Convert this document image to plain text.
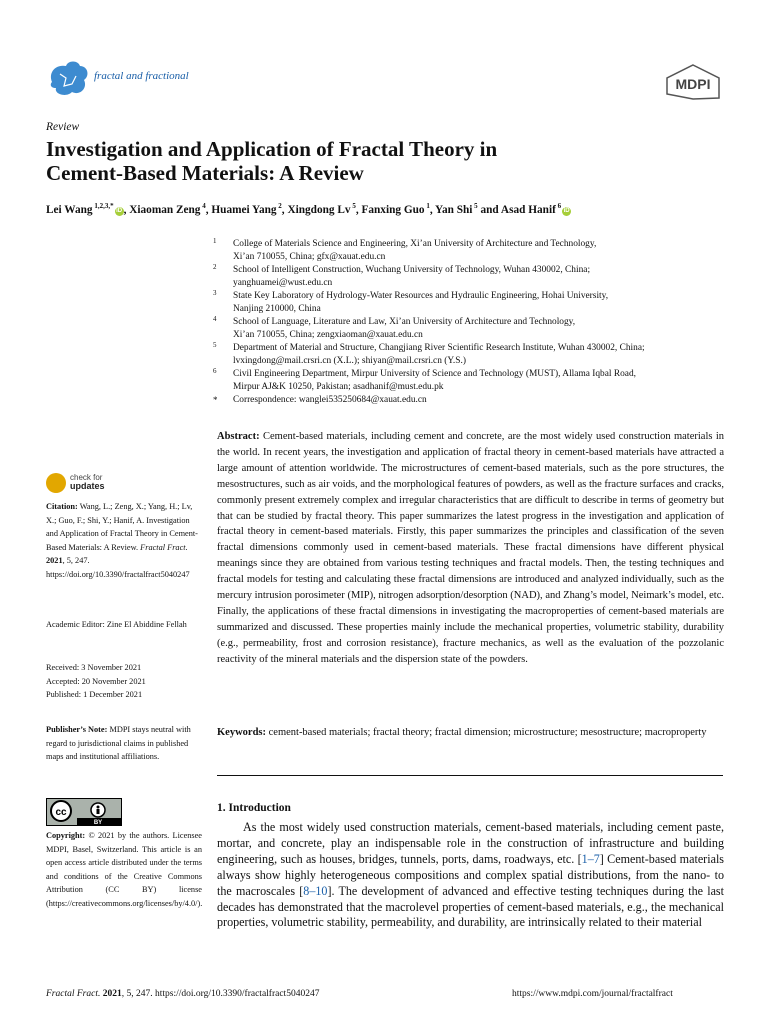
fractal and fractional	MDPI
Review
Investigation and Application of Fractal Theory in
Cement-Based Materials: A Review
Lei Wang $^{1,2,3,*}$iD , Xiaoman Zeng $^4$, Huamei Yang $^2$, Xingdong Lv $^5$, Fanxing Guo $^1$, Yan Shi $^5$ and Asad Hanif $^6$iD
1 College of Materials Science and Engineering, Xi’an University of Architecture and Technology,
Xi’an 710055, China; gfx@xauat.edu.cn
2 School of Intelligent Construction, Wuchang University of Technology, Wuhan 430002, China;
yanghuamei@wust.edu.cn
3 State Key Laboratory of Hydrology-Water Resources and Hydraulic Engineering, Hohai University,
Nanjing 210000, China
4 School of Language, Literature and Law, Xi’an University of Architecture and Technology,
Xi’an 710055, China; zengxiaoman@xauat.edu.cn
5 Department of Material and Structure, Changjiang River Scientific Research Institute, Wuhan 430002, China;
lvxingdong@mail.crsri.cn (X.L.); shiyan@mail.crsri.cn (Y.S.)
6 Civil Engineering Department, Mirpur University of Science and Technology (MUST), Allama Iqbal Road,
Mirpur AJ&K 10250, Pakistan; asadhanif@must.edu.pk
* Correspondence: wanglei535250684@xauat.edu.cn
check for
updates
Citation: Wang, L.; Zeng, X.; Yang, H.; Lv, X.; Guo, F.; Shi, Y.; Hanif, A. Investigation and Application of Fractal Theory in Cement-Based Materials: A Review. Fractal Fract. 2021, 5, 247. https://doi.org/10.3390/fractalfract5040247
Academic Editor: Zine El Abiddine Fellah
Received: 3 November 2021
Accepted: 20 November 2021
Published: 1 December 2021
Publisher’s Note: MDPI stays neutral with regard to jurisdictional claims in published maps and institutional affiliations.
cc
BY
Copyright: © 2021 by the authors. Licensee MDPI, Basel, Switzerland. This article is an open access article distributed under the terms and conditions of the Creative Commons Attribution (CC BY) license (https://creativecommons.org/licenses/by/4.0/).
Abstract: Cement-based materials, including cement and concrete, are the most widely used construction materials in the world. In recent years, the investigation and application of fractal theory in cement-based materials have attracted a large amount of attention worldwide. The microstructures of cement-based materials, such as the pore structures, the mesostructures, such as air voids, and the morphological features of powders, as well as the fracture surfaces and cracks, commonly present extremely complex and irregular characteristics that are difficult to describe in terms of geometry but that can be studied by fractal theory. This paper summarizes the latest progress in the investigation and application of fractal theory in cement-based materials. Firstly, this paper summarizes the principles and classification of the seven fractal dimensions commonly used in cement-based materials. These fractal dimensions have different physical meanings since they are obtained from various testing techniques and fractal models. Then, the testing techniques and fractal models for testing and calculating these fractal dimensions are introduced and analyzed individually, such as the mercury intrusion porosimeter (MIP), nitrogen adsorption/desorption (NAD), and Zhang’s model, Neimark’s model, etc. Finally, the applications of these fractal dimensions in investigating the macroproperties of cement-based materials are summarized and discussed. These properties mainly include the mechanical properties, volumetric stability, durability (e.g., permeability, frost and corrosion resistance), fracture mechanics, as well as the evaluation of the pozzolanic reactivity of the mineral materials and the dispersion state of the powders.
Keywords: cement-based materials; fractal theory; fractal dimension; microstructure; mesostructure; macroproperty
1. Introduction
As the most widely used construction materials, cement-based materials, including cement paste, mortar, and concrete, play an indispensable role in the construction of infrastructure and building engineering, such as houses, bridges, tunnels, ports, dams, roadways, etc. [1–7] Cement-based materials always show highly heterogeneous compositions and complex spatial distributions, from the nano- to the macroscales [8–10]. The development of advanced and effective testing techniques during the last decades has demonstrated that the macrolevel properties of cement-based materials, e.g., the mechanical properties, volumetric stability, permeability, and durability, are intrinsically related to their material
Fractal Fract. 2021, 5, 247. https://doi.org/10.3390/fractalfract5040247	https://www.mdpi.com/journal/fractalfract
